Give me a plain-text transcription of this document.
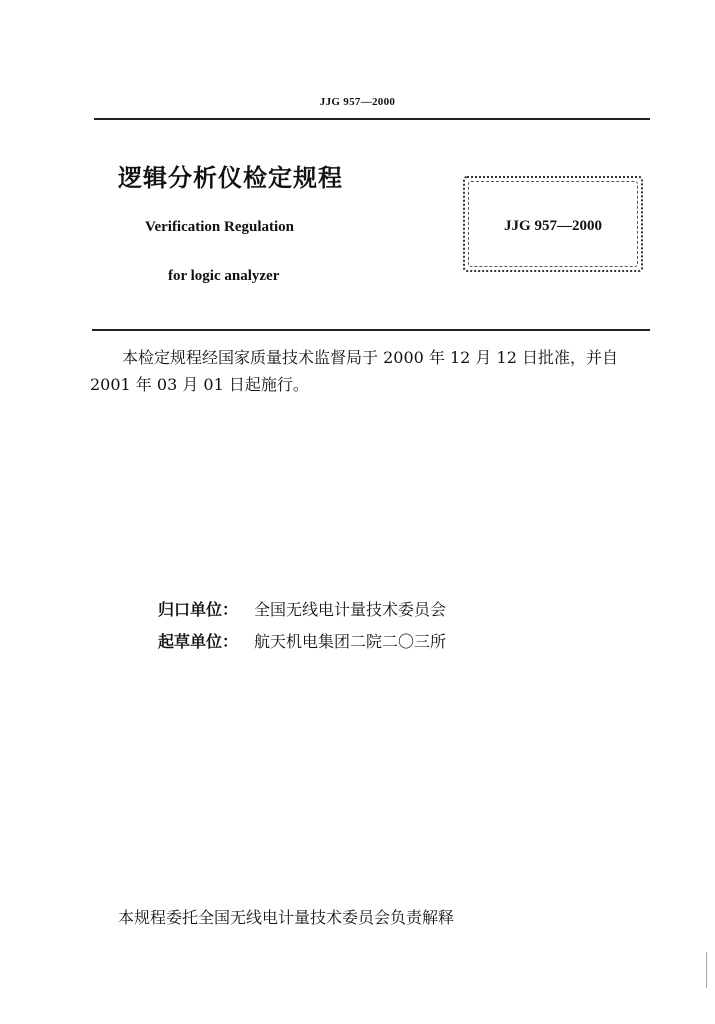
JJG 957—2000
逻辑分析仪检定规程
Verification Regulation
for logic analyzer
JJG 957—2000
本检定规程经国家质量技术监督局于 2000 年 12 月 12 日批准，并自
2001 年 03 月 01 日起施行。
归口单位： 全国无线电计量技术委员会
起草单位： 航天机电集团二院二〇三所
本规程委托全国无线电计量技术委员会负责解释
